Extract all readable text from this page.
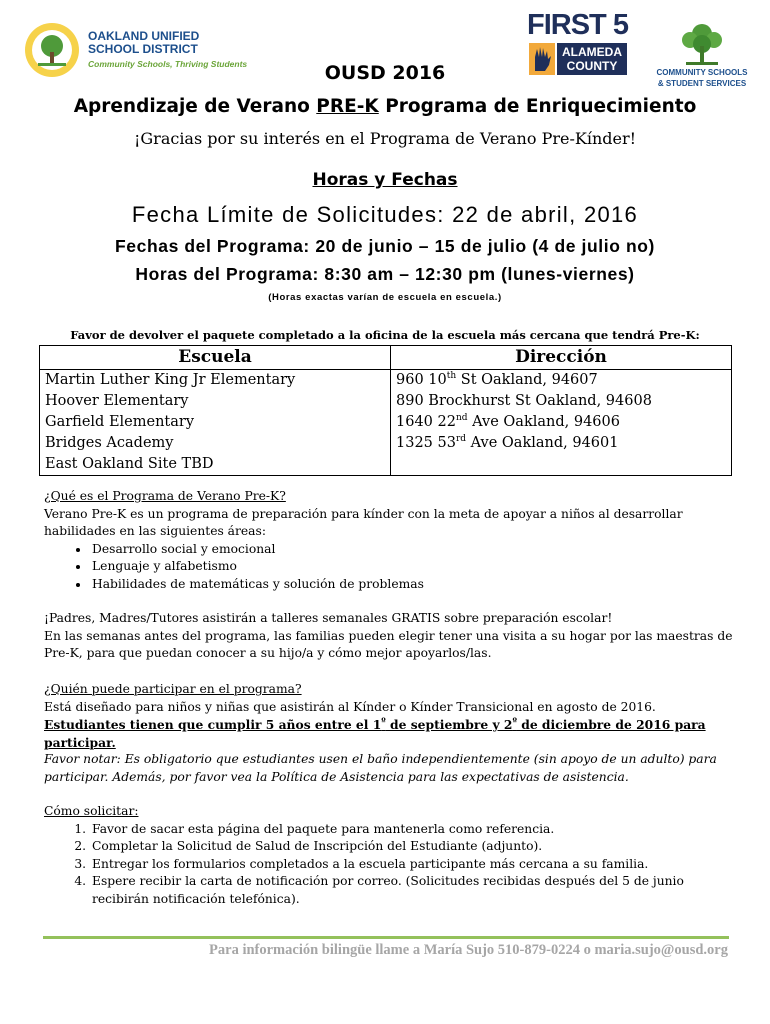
OAKLAND UNIFIED SCHOOL DISTRICT
Community Schools, Thriving Students
FIRST 5
ALAMEDA COUNTY	COMMUNITY SCHOOLS
& STUDENT SERVICES
OUSD 2016
Aprendizaje de Verano PRE-K Programa de Enriquecimiento
¡Gracias por su interés en el Programa de Verano Pre-Kínder!
Horas y Fechas
Fecha Límite de Solicitudes: 22 de abril, 2016
Fechas del Programa: 20 de junio – 15 de julio (4 de julio no)
Horas del Programa: 8:30 am – 12:30 pm (lunes-viernes)
(Horas exactas varían de escuela en escuela.)
Favor de devolver el paquete completado a la oficina de la escuela más cercana que tendrá Pre-K:
Escuela	Dirección
Martin Luther King Jr Elementary	960 10th St Oakland, 94607
Hoover Elementary	890 Brockhurst St Oakland, 94608
Garfield Elementary	1640 22nd Ave Oakland, 94606
Bridges Academy	1325 53rd Ave Oakland, 94601
East Oakland Site TBD	

¿Qué es el Programa de Verano Pre-K?

Verano Pre-K es un programa de preparación para kínder con la meta de apoyar a niños al desarrollar habilidades en las siguientes áreas:

• Desarrollo social y emocional
• Lenguaje y alfabetismo
• Habilidades de matemáticas y solución de problemas

¡Padres, Madres/Tutores asistirán a talleres semanales GRATIS sobre preparación escolar!

En las semanas antes del programa, las familias pueden elegir tener una visita a su hogar por las maestras de Pre-K, para que puedan conocer a su hijo/a y cómo mejor apoyarlos/las.

¿Quién puede participar en el programa?

Está diseñado para niños y niñas que asistirán al Kínder o Kínder Transicional en agosto de 2016.

Estudiantes tienen que cumplir 5 años entre el $1^º$ de septiembre y $2^º$ de diciembre de 2016 para participar.

Favor notar: Es obligatorio que estudiantes usen el baño independientemente (sin apoyo de un adulto) para participar. Además, por favor vea la Política de Asistencia para las expectativas de asistencia.

Cómo solicitar:

1. Favor de sacar esta página del paquete para mantenerla como referencia.
2. Completar la Solicitud de Salud de Inscripción del Estudiante (adjunto).
3. Entregar los formularios completados a la escuela participante más cercana a su familia.
4. Espere recibir la carta de notificación por correo. (Solicitudes recibidas después del 5 de junio recibirán notificación telefónica).
Para información bilingüe llame a María Sujo 510-879-0224 o maria.sujo@ousd.org
